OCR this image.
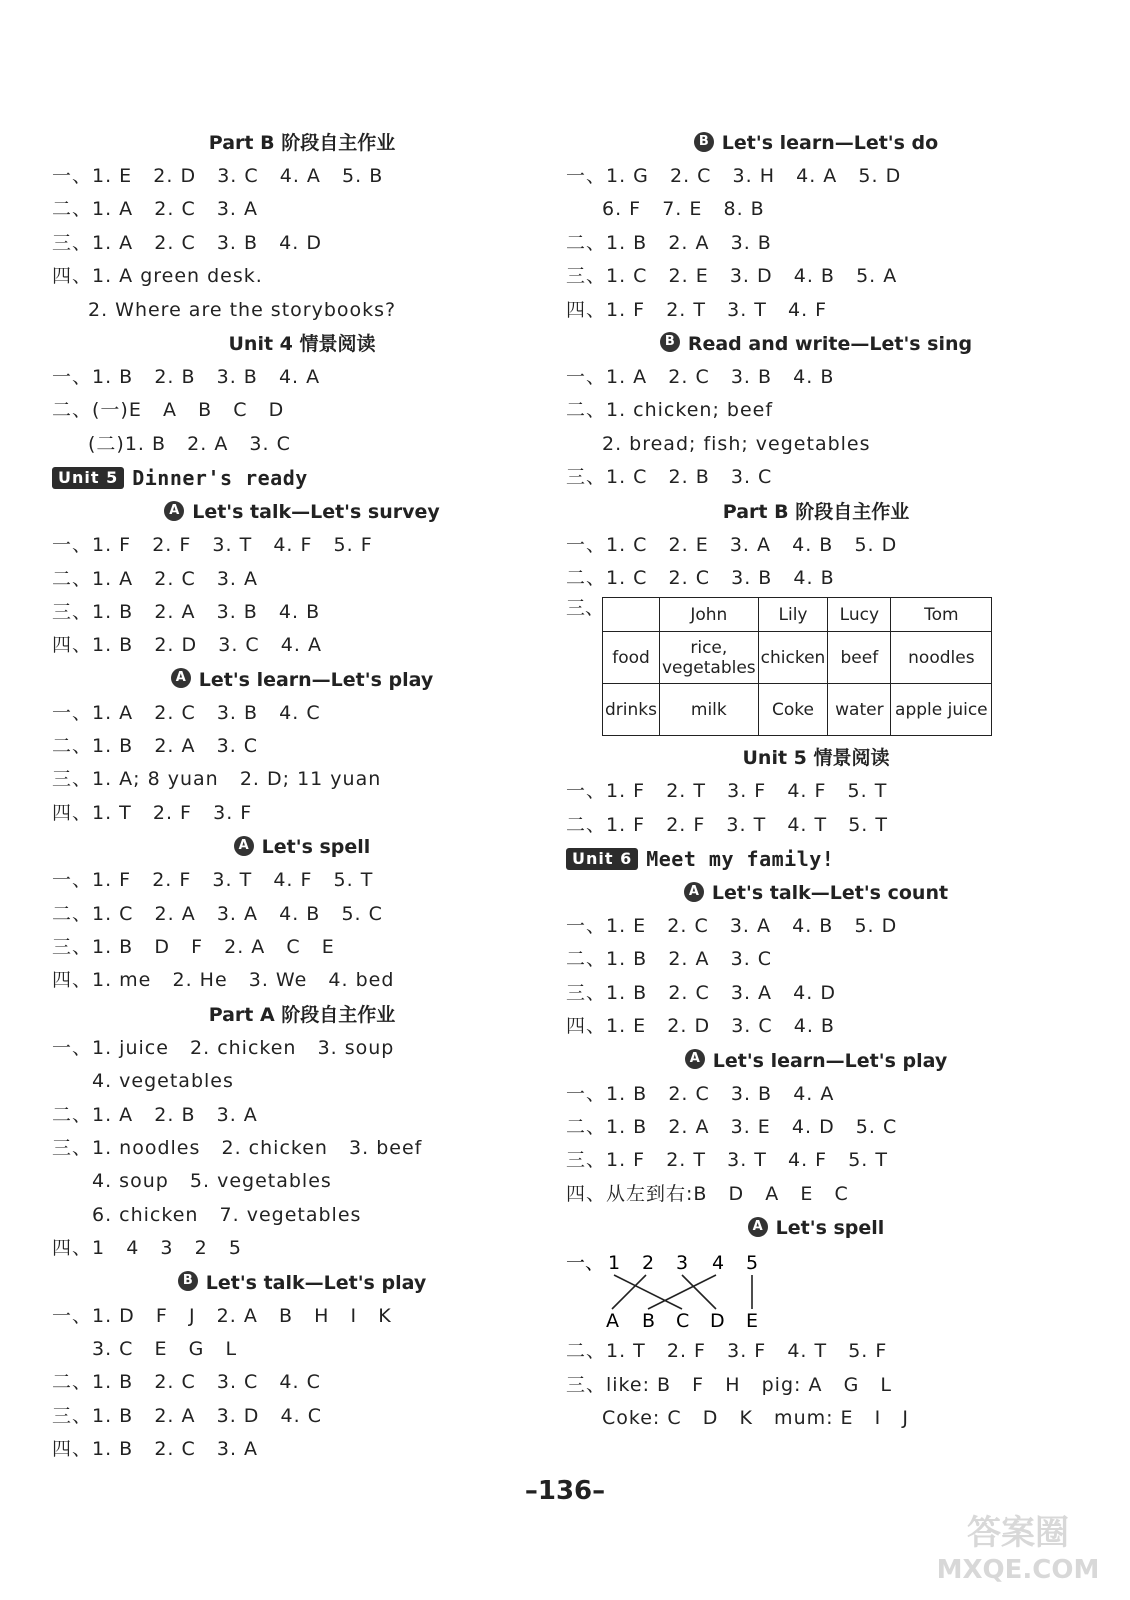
Part B 阶段自主作业
一、1. E   2. D   3. C   4. A   5. B
二、1. A   2. C   3. A
三、1. A   2. C   3. B   4. D
四、1. A green desk.
2. Where are the storybooks?
Unit 4 情景阅读
一、1. B   2. B   3. B   4. A
二、(一)E   A   B   C   D
(二)1. B   2. A   3. C
Unit 5 Dinner's ready
A Let's talk—Let's survey
一、1. F   2. F   3. T   4. F   5. F
二、1. A   2. C   3. A
三、1. B   2. A   3. B   4. B
四、1. B   2. D   3. C   4. A
A Let's learn—Let's play
一、1. A   2. C   3. B   4. C
二、1. B   2. A   3. C
三、1. A; 8 yuan   2. D; 11 yuan
四、1. T   2. F   3. F
A Let's spell
一、1. F   2. F   3. T   4. F   5. T
二、1. C   2. A   3. A   4. B   5. C
三、1. B   D   F   2. A   C   E
四、1. me   2. He   3. We   4. bed
Part A 阶段自主作业
一、1. juice   2. chicken   3. soup
4. vegetables
二、1. A   2. B   3. A
三、1. noodles   2. chicken   3. beef
4. soup   5. vegetables
6. chicken   7. vegetables
四、1   4   3   2   5
B Let's talk—Let's play
一、1. D   F   J   2. A   B   H   I   K
3. C   E   G   L
二、1. B   2. C   3. C   4. C
三、1. B   2. A   3. D   4. C
四、1. B   2. C   3. A
B Let's learn—Let's do
一、1. G   2. C   3. H   4. A   5. D
6. F   7. E   8. B
二、1. B   2. A   3. B
三、1. C   2. E   3. D   4. B   5. A
四、1. F   2. T   3. T   4. F
B Read and write—Let's sing
一、1. A   2. C   3. B   4. B
二、1. chicken; beef
2. bread; fish; vegetables
三、1. C   2. B   3. C
Part B 阶段自主作业
一、1. C   2. E   3. A   4. B   5. D
二、1. C   2. C   3. B   4. B
三、
		John	Lily	Lucy	Tom
food	rice, vegetables	chicken	beef	noodles
drinks	milk	Coke	water	apple juice
Unit 5 情景阅读
一、1. F   2. T   3. F   4. F   5. T
二、1. F   2. F   3. T   4. T   5. T
Unit 6 Meet my family!
A Let's talk—Let's count
一、1. E   2. C   3. A   4. B   5. D
二、1. B   2. A   3. C
三、1. B   2. C   3. A   4. D
四、1. E   2. D   3. C   4. B
A Let's learn—Let's play
一、1. B   2. C   3. B   4. A
二、1. B   2. A   3. E   4. D   5. C
三、1. F   2. T   3. T   4. F   5. T
四、从左到右:B   D   A   E   C
A Let's spell
一、 1 2 3 4 5
A B C D E
二、1. T   2. F   3. F   4. T   5. F
三、like: B   F   H   pig: A   G   L
Coke: C   D   K   mum: E   I   J
–136–
答案圈
MXQE.COM
